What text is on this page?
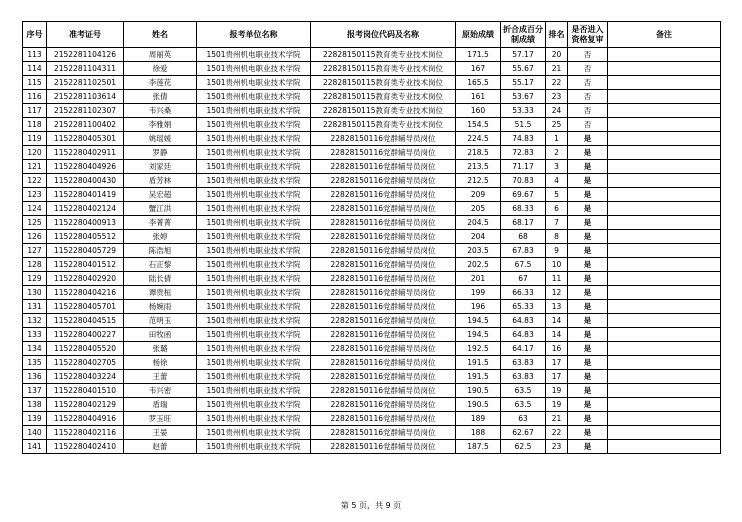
序号	准考证号	姓名	报考单位名称	报考岗位代码及名称	原始成绩	折合成百分制成绩	排名	是否进入资格复审	备注
113	2152281104126	周丽英	1501贵州机电职业技术学院	22828150115教育类专业技术岗位	171.5	57.17	20	否	
114	2152281104311	徐爱	1501贵州机电职业技术学院	22828150115教育类专业技术岗位	167	55.67	21	否	
115	2152281102501	李莲花	1501贵州机电职业技术学院	22828150115教育类专业技术岗位	165.5	55.17	22	否	
116	2152281103614	张倩	1501贵州机电职业技术学院	22828150115教育类专业技术岗位	161	53.67	23	否	
117	2152281102307	韦兴桑	1501贵州机电职业技术学院	22828150115教育类专业技术岗位	160	53.33	24	否	
118	2152281100402	李雅娟	1501贵州机电职业技术学院	22828150115教育类专业技术岗位	154.5	51.5	25	否	
119	1152280405301	姚瑶媛	1501贵州机电职业技术学院	22828150116党群辅导员岗位	224.5	74.83	1	是	
120	1152280402911	罗静	1501贵州机电职业技术学院	22828150116党群辅导员岗位	218.5	72.83	2	是	
121	1152280404926	刘家廷	1501贵州机电职业技术学院	22828150116党群辅导员岗位	213.5	71.17	3	是	
122	1152280400430	盾芳林	1501贵州机电职业技术学院	22828150116党群辅导员岗位	212.5	70.83	4	是	
123	1152280401419	吴宏超	1501贵州机电职业技术学院	22828150116党群辅导员岗位	209	69.67	5	是	
124	1152280402124	蟹江洪	1501贵州机电职业技术学院	22828150116党群辅导员岗位	205	68.33	6	是	
125	1152280400913	李菁菁	1501贵州机电职业技术学院	22828150116党群辅导员岗位	204.5	68.17	7	是	
126	1152280405512	张婷	1501贵州机电职业技术学院	22828150116党群辅导员岗位	204	68	8	是	
127	1152280405729	陈浩旭	1501贵州机电职业技术学院	22828150116党群辅导员岗位	203.5	67.83	9	是	
128	1152280401512	石正黎	1501贵州机电职业技术学院	22828150116党群辅导员岗位	202.5	67.5	10	是	
129	1152280402920	陆长倩	1501贵州机电职业技术学院	22828150116党群辅导员岗位	201	67	11	是	
130	1152280404216	谭贵桓	1501贵州机电职业技术学院	22828150116党群辅导员岗位	199	66.33	12	是	
131	1152280405701	杨婉雨	1501贵州机电职业技术学院	22828150116党群辅导员岗位	196	65.33	13	是	
132	1152280404515	范明玉	1501贵州机电职业技术学院	22828150116党群辅导员岗位	194.5	64.83	14	是	
133	1152280400227	田牧函	1501贵州机电职业技术学院	22828150116党群辅导员岗位	194.5	64.83	14	是	
134	1152280405520	张璐	1501贵州机电职业技术学院	22828150116党群辅导员岗位	192.5	64.17	16	是	
135	1152280402705	杨徐	1501贵州机电职业技术学院	22828150116党群辅导员岗位	191.5	63.83	17	是	
136	1152280403224	王蕾	1501贵州机电职业技术学院	22828150116党群辅导员岗位	191.5	63.83	17	是	
137	1152280401510	韦兴密	1501贵州机电职业技术学院	22828150116党群辅导员岗位	190.5	63.5	19	是	
138	1152280402129	盾瑞	1501贵州机电职业技术学院	22828150116党群辅导员岗位	190.5	63.5	19	是	
139	1152280404916	罗玉旺	1501贵州机电职业技术学院	22828150116党群辅导员岗位	189	63	21	是	
140	1152280402116	王晏	1501贵州机电职业技术学院	22828150116党群辅导员岗位	188	62.67	22	是	
141	1152280402410	赵蕾	1501贵州机电职业技术学院	22828150116党群辅导员岗位	187.5	62.5	23	是	
第 5 页，共 9 页
